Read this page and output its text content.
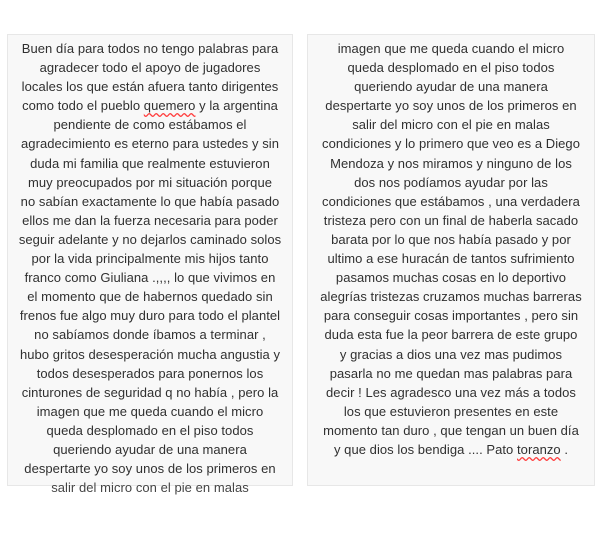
Buen día para todos no tengo palabras para
agradecer todo el apoyo de jugadores
locales los que están afuera tanto dirigentes
como todo el pueblo quemero y la argentina
pendiente de como estábamos el
agradecimiento es eterno para ustedes y sin
duda mi familia que realmente estuvieron
muy preocupados por mi situación porque
no sabían exactamente lo que había pasado
ellos me dan la fuerza necesaria para poder
seguir adelante y no dejarlos caminado solos
por la vida principalmente mis hijos tanto
franco como Giuliana .,,,, lo que vivimos en
el momento que de habernos quedado sin
frenos fue algo muy duro para todo el plantel
no sabíamos donde íbamos a terminar ,
hubo gritos desesperación mucha angustia y
todos desesperados para ponernos los
cinturones de seguridad q no había , pero la
imagen que me queda cuando el micro
queda desplomado en el piso todos
queriendo ayudar de una manera
despertarte yo soy unos de los primeros en
salir del micro con el pie en malas
imagen que me queda cuando el micro
queda desplomado en el piso todos
queriendo ayudar de una manera
despertarte yo soy unos de los primeros en
salir del micro con el pie en malas
condiciones y lo primero que veo es a Diego
Mendoza y nos miramos y ninguno de los
dos nos podíamos ayudar por las
condiciones que estábamos , una verdadera
tristeza pero con un final de haberla sacado
barata por lo que nos había pasado y por
ultimo a ese huracán de tantos sufrimiento
pasamos muchas cosas en lo deportivo
alegrías tristezas cruzamos muchas barreras
para conseguir cosas importantes , pero sin
duda esta fue la peor barrera de este grupo
y gracias a dios una vez mas pudimos
pasarla no me quedan mas palabras para
decir ! Les agradesco una vez más a todos
los que estuvieron presentes en este
momento tan duro , que tengan un buen día
y que dios los bendiga .... Pato toranzo .
